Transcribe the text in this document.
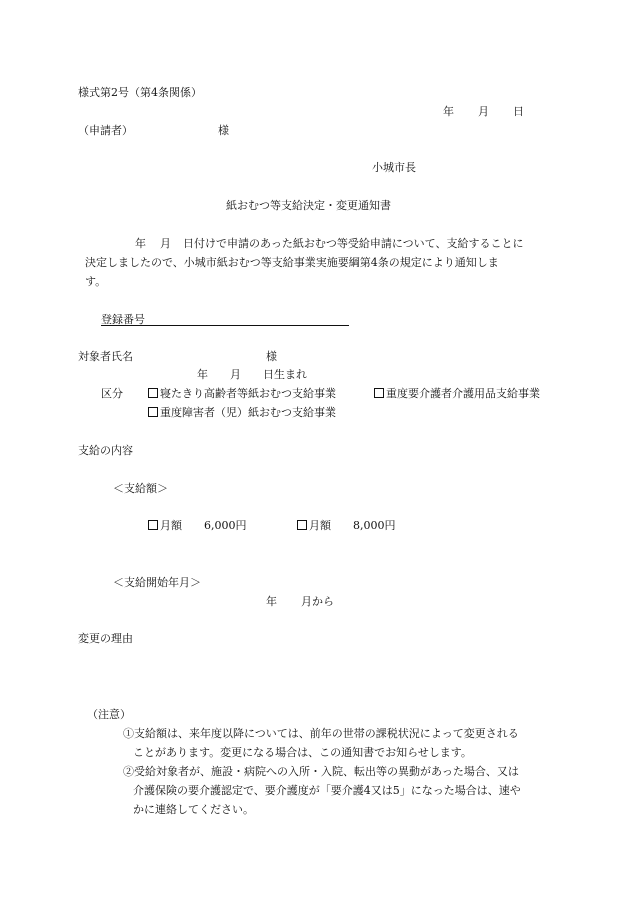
様式第2号（第4条関係）
年 月 日
（申請者）	様
小城市長
紙おむつ等支給決定・変更通知書
年 月 日付けで申請のあった紙おむつ等受給申請について、支給することに
決定しましたので、小城市紙おむつ等支給事業実施要綱第4条の規定により通知しま
す。
登録番号
対象者氏名	様
年 月 日生まれ
区分	寝たきり高齢者等紙おむつ支給事業	重度要介護者介護用品支給事業
重度障害者（児）紙おむつ支給事業
支給の内容
＜支給額＞
月額 6,000円	月額 8,000円
＜支給開始年月＞
年 月から
変更の理由
（注意）
①支給額は、来年度以降については、前年の世帯の課税状況によって変更される
ことがあります。変更になる場合は、この通知書でお知らせします。
②受給対象者が、施設・病院への入所・入院、転出等の異動があった場合、又は
介護保険の要介護認定で、要介護度が「要介護4又は5」になった場合は、速や
かに連絡してください。
